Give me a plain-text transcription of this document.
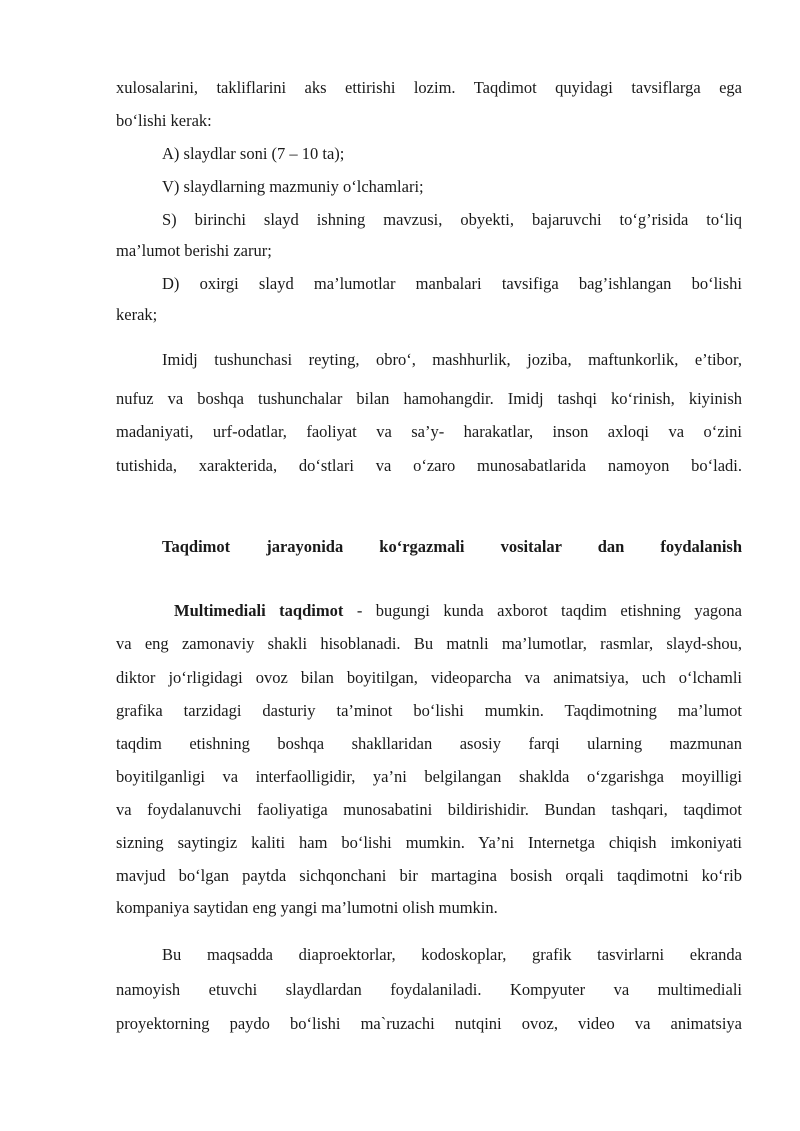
xulosalarini, takliflarini aks ettirishi lozim. Taqdimot quyidagi tavsiflarga ega
bo‘lishi kerak:
A) slaydlar soni (7 – 10 ta);
V) slaydlarning mazmuniy o‘lchamlari;
S) birinchi slayd ishning mavzusi, obyekti, bajaruvchi to‘g’risida to‘liq
ma’lumot berishi zarur;
D) oxirgi slayd ma’lumotlar manbalari tavsifiga bag’ishlangan bo‘lishi
kerak;
Imidj tushunchasi reyting, obro‘, mashhurlik, joziba, maftunkorlik, e’tibor,
nufuz va boshqa tushunchalar bilan hamohangdir. Imidj tashqi ko‘rinish, kiyinish
madaniyati, urf-odatlar, faoliyat va sa’y- harakatlar, inson axloqi va o‘zini
tutishida, xarakterida, do‘stlari va o‘zaro munosabatlarida namoyon bo‘ladi.
Taqdimot jarayonida ko‘rgazmali vositalar dan foydalanish
Multimediali taqdimot - bugungi kunda axborot taqdim etishning yagona
va eng zamonaviy shakli hisoblanadi. Bu matnli ma’lumotlar, rasmlar, slayd-shou,
diktor jo‘rligidagi ovoz bilan boyitilgan, videoparcha va animatsiya, uch o‘lchamli
grafika tarzidagi dasturiy ta’minot bo‘lishi mumkin. Taqdimotning ma’lumot
taqdim etishning boshqa shakllaridan asosiy farqi ularning mazmunan
boyitilganligi va interfaolligidir, ya’ni belgilangan shaklda o‘zgarishga moyilligi
va foydalanuvchi faoliyatiga munosabatini bildirishidir. Bundan tashqari, taqdimot
sizning saytingiz kaliti ham bo‘lishi mumkin. Ya’ni Internetga chiqish imkoniyati
mavjud bo‘lgan paytda sichqonchani bir martagina bosish orqali taqdimotni ko‘rib
kompaniya saytidan eng yangi ma’lumotni olish mumkin.
Bu maqsadda diaproektorlar, kodoskoplar, grafik tasvirlarni ekranda
namoyish etuvchi slaydlardan foydalaniladi. Kompyuter va multimediali
proyektorning paydo bo‘lishi ma`ruzachi nutqini ovoz, video va animatsiya
